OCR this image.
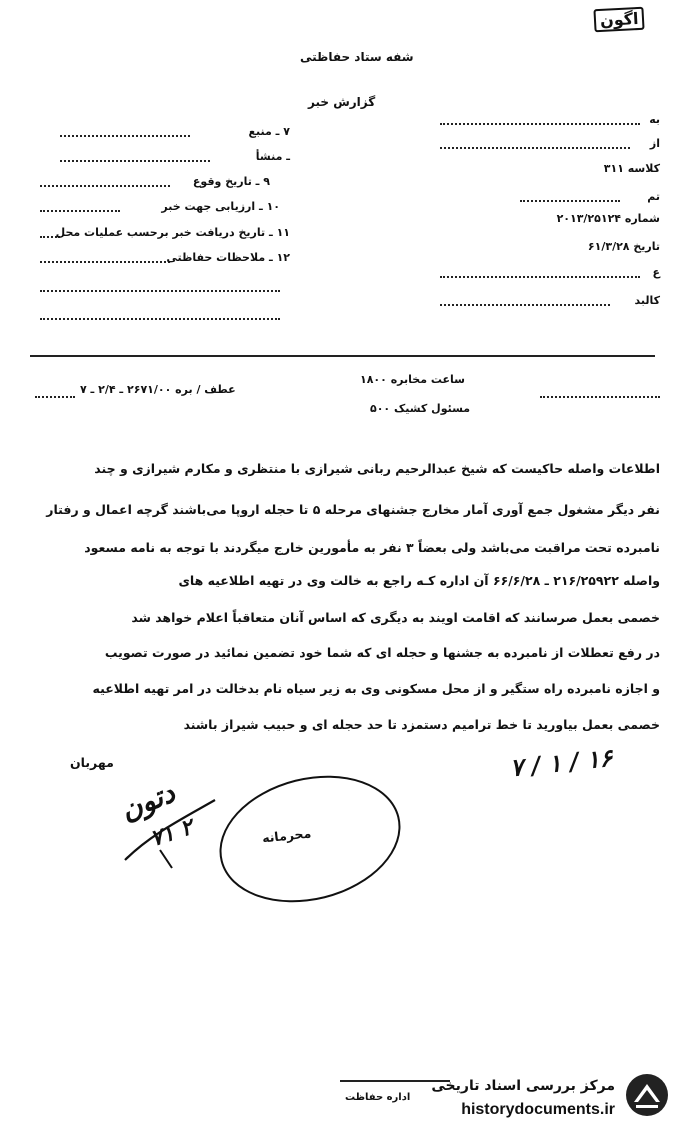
اگون
شفه ستاد حفاظتی
گزارش خبر
۷ ـ منبع
ـ منشأ
۹ ـ تاریخ وقوع
۱۰ ـ ارزیابی جهت خبر
۱۱ ـ تاریخ دریافت خبر برحسب عملیات محل
۱۲ ـ ملاحظات حفاظتی
به
از
کلاسه ۳۱۱
تم
شماره ۲۰۱۳/۲۵۱۲۴
تاریخ ۶۱/۳/۲۸
ع
کالبد
ساعت مخابره ۱۸۰۰
عطف / بره ۲۶۷۱/۰۰ ـ ۲/۴ ـ ۷
مسئول کشیک ۵۰۰
اطلاعات واصله حاکیست که شیخ عبدالرحیم ربانی شیرازی با منتظری و مکارم شیرازی و چند
نفر دیگر مشغول جمع آوری آمار مخارج جشنهای مرحله ۵ تا حجله اروپا می‌باشند گرچه اعمال و رفتار
نامبرده تحت مراقبت می‌باشد ولی بعضاً ۳ نفر به مأمورین خارج میگردند با توجه به نامه مسعود
واصله ۲۱۶/۲۵۹۲۲ ـ ۶۶/۶/۲۸ آن اداره کـه راجع به خالت وی در تهیه اطلاعیه های
خصمی بعمل صرسانند که اقامت اویند به دیگری که اساس آنان متعاقباً اعلام خواهد شد
در رفع تعطلات از نامبرده به جشنها و حجله ای که شما خود تضمین نمائید در صورت تصویب
و اجازه نامبرده راه ستگیر و از محل مسکونی وی به زیر سیاه نام بدخالت در امر تهیه اطلاعیه
خصمی بعمل بیاورید تا خط ترامیم دستمزد تا حد حجله ای و حبیب شیراز باشند
مهربان	۷ / ۱ / ۱۶
محرمانه
دتون
۷۱ ۲
اداره حفاظت
مرکز بررسی اسناد تاریخی
historydocuments.ir
